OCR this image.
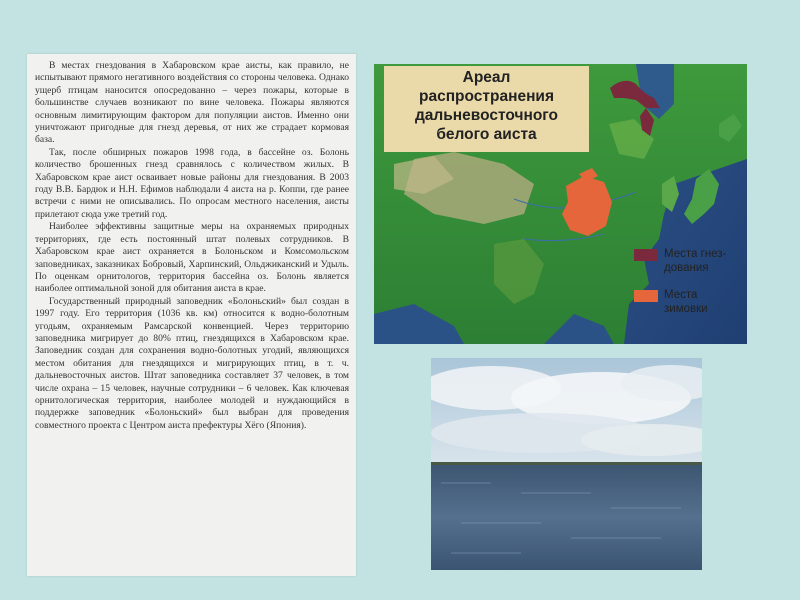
В местах гнездования в Хабаровском крае аисты, как правило, не испытывают прямого негативного воздействия со стороны человека. Однако ущерб птицам наносится опосредованно – через пожары, которые в большинстве случаев возникают по вине человека. Пожары являются основным лимитирующим фактором для популяции аистов. Именно они уничтожают пригодные для гнезд деревья, от них же страдает кормовая база.

Так, после обширных пожаров 1998 года, в бассейне оз. Болонь количество брошенных гнезд сравнялось с количеством жилых. В Хабаровском крае аист осваивает новые районы для гнездования. В 2003 году В.В. Бардюк и Н.Н. Ефимов наблюдали 4 аиста на р. Коппи, где ранее встречи с ними не описывались. По опросам местного населения, аисты прилетают сюда уже третий год.

Наиболее эффективны защитные меры на охраняемых природных территориях, где есть постоянный штат полевых сотрудников. В Хабаровском крае аист охраняется в Болоньском и Комсомольском заповедниках, заказниках Бобровый, Харпинский, Ольджиканский и Удыль. По оценкам орнитологов, территория бассейна оз. Болонь является наиболее оптимальной зоной для обитания аиста в крае.

Государственный природный заповедник «Болоньский» был создан в 1997 году. Его территория (1036 кв. км) относится к водно-болотным угодьям, охраняемым Рамсарской конвенцией. Через территорию заповедника мигрирует до 80% птиц, гнездящихся в Хабаровском крае. Заповедник создан для сохранения водно-болотных угодий, являющихся местом обитания для гнездящихся и мигрирующих птиц, в т. ч. дальневосточных аистов. Штат заповедника составляет 37 человек, в том числе охрана – 15 человек, научные сотрудники – 6 человек. Как ключевая орнитологическая территория, наиболее молодей и нуждающийся в поддержке заповедник «Болоньский» был выбран для проведения совместного проекта с Центром аиста префектуры Хёго (Япония).

Ареал
распространения
дальневосточного
белого аиста
Места гнез-
дования
Места
зимовки
